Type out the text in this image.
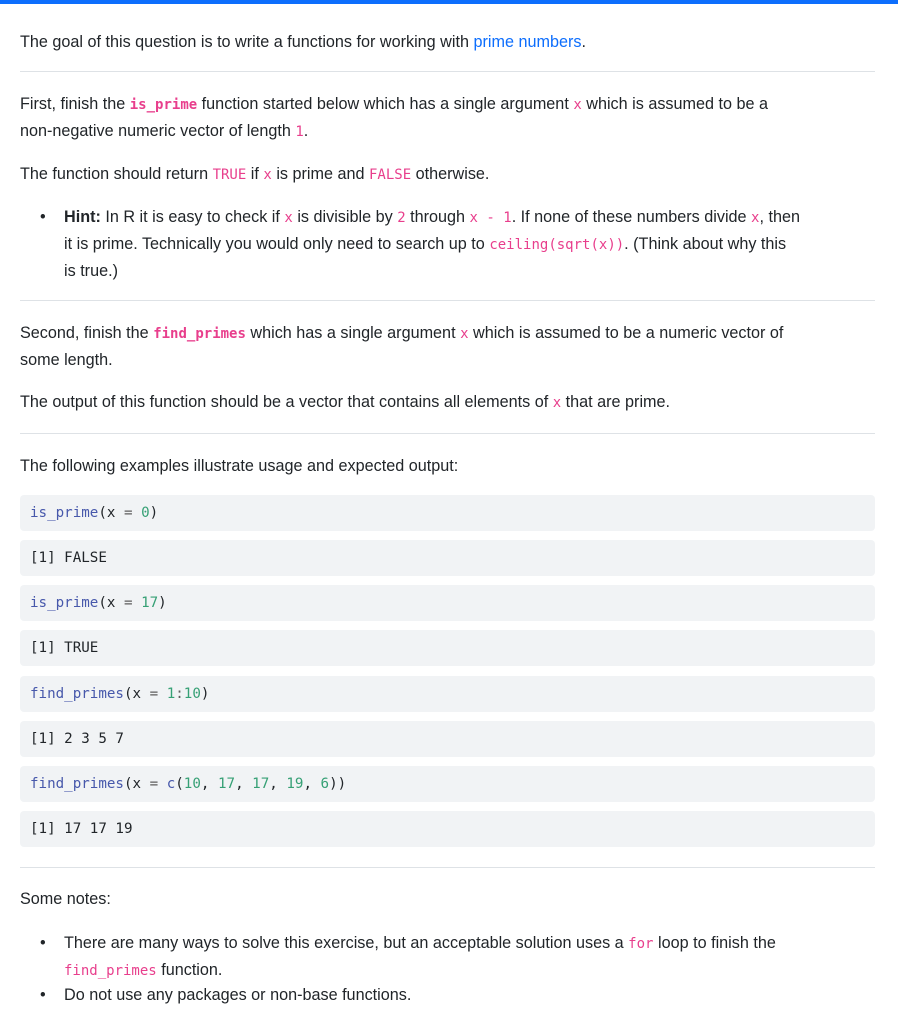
The goal of this question is to write a functions for working with prime numbers.

First, finish the is_prime function started below which has a single argument x which is assumed to be a
non-negative numeric vector of length 1.

The function should return TRUE if x is prime and FALSE otherwise.

• Hint: In R it is easy to check if x is divisible by 2 through x - 1. If none of these numbers divide x, then
it is prime. Technically you would only need to search up to ceiling(sqrt(x)). (Think about why this
is true.)

Second, finish the find_primes which has a single argument x which is assumed to be a numeric vector of
some length.

The output of this function should be a vector that contains all elements of x that are prime.

The following examples illustrate usage and expected output:

is_prime(x = 0)
[1] FALSE
is_prime(x = 17)
[1] TRUE
find_primes(x = 1:10)
[1] 2 3 5 7
find_primes(x = c(10, 17, 17, 19, 6))
[1] 17 17 19

Some notes:

• There are many ways to solve this exercise, but an acceptable solution uses a for loop to finish the
find_primes function.
• Do not use any packages or non-base functions.
